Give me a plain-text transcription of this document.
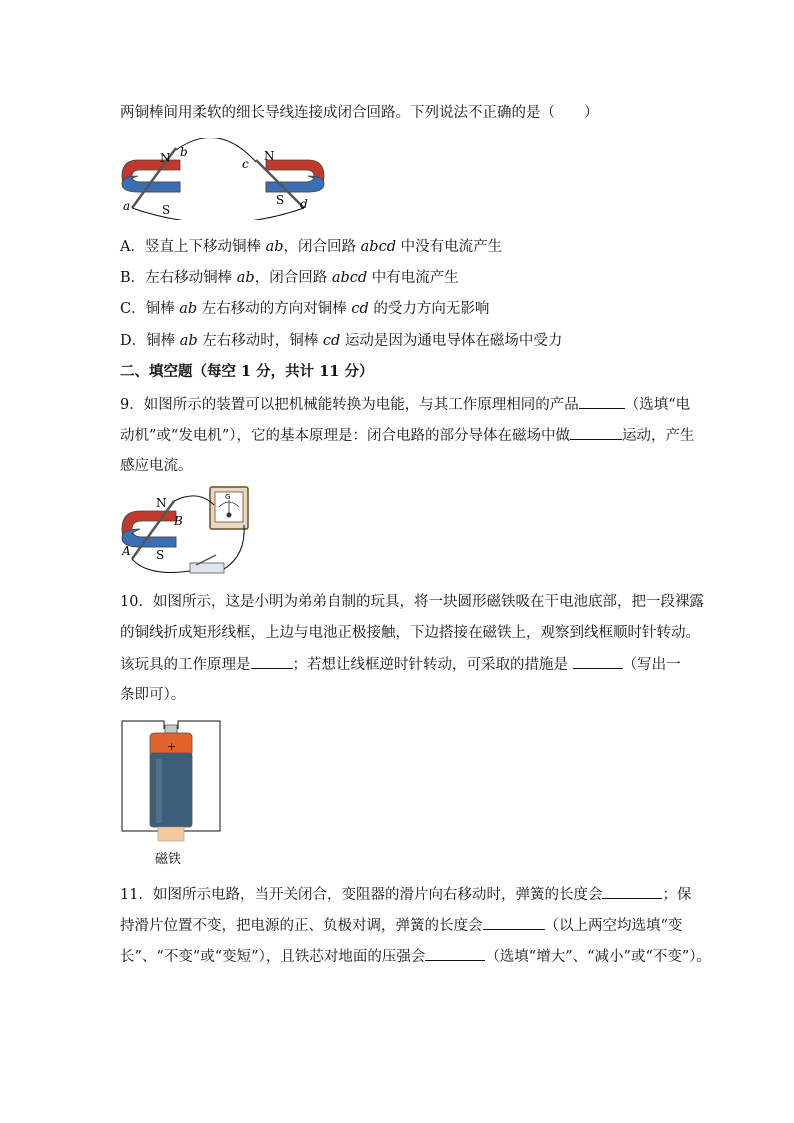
两铜棒间用柔软的细长导线连接成闭合回路。下列说法不正确的是（　　）
N
S
N
S
a
b
c
d
A．竖直上下移动铜棒 ab，闭合回路 abcd 中没有电流产生
B．左右移动铜棒 ab，闭合回路 abcd 中有电流产生
C．铜棒 ab 左右移动的方向对铜棒 cd 的受力方向无影响
D．铜棒 ab 左右移动时，铜棒 cd 运动是因为通电导体在磁场中受力
二、填空题（每空 1 分，共计 11 分）
9．如图所示的装置可以把机械能转换为电能，与其工作原理相同的产品	（选填“电
动机”或“发电机”），它的基本原理是：闭合电路的部分导体在磁场中做	运动，产生
感应电流。
G
N
S
A
B
10．如图所示，这是小明为弟弟自制的玩具，将一块圆形磁铁吸在干电池底部，把一段裸露
的铜线折成矩形线框，上边与电池正极接触，下边搭接在磁铁上，观察到线框顺时针转动。
该玩具的工作原理是	；若想让线框逆时针转动，可采取的措施是	（写出一
条即可）。
+
磁铁
11．如图所示电路，当开关闭合，变阻器的滑片向右移动时，弹簧的长度会	；保
持滑片位置不变，把电源的正、负极对调，弹簧的长度会	（以上两空均选填“变
长”、“不变”或“变短”），且铁芯对地面的压强会	（选填“增大”、“减小”或“不变”）。
